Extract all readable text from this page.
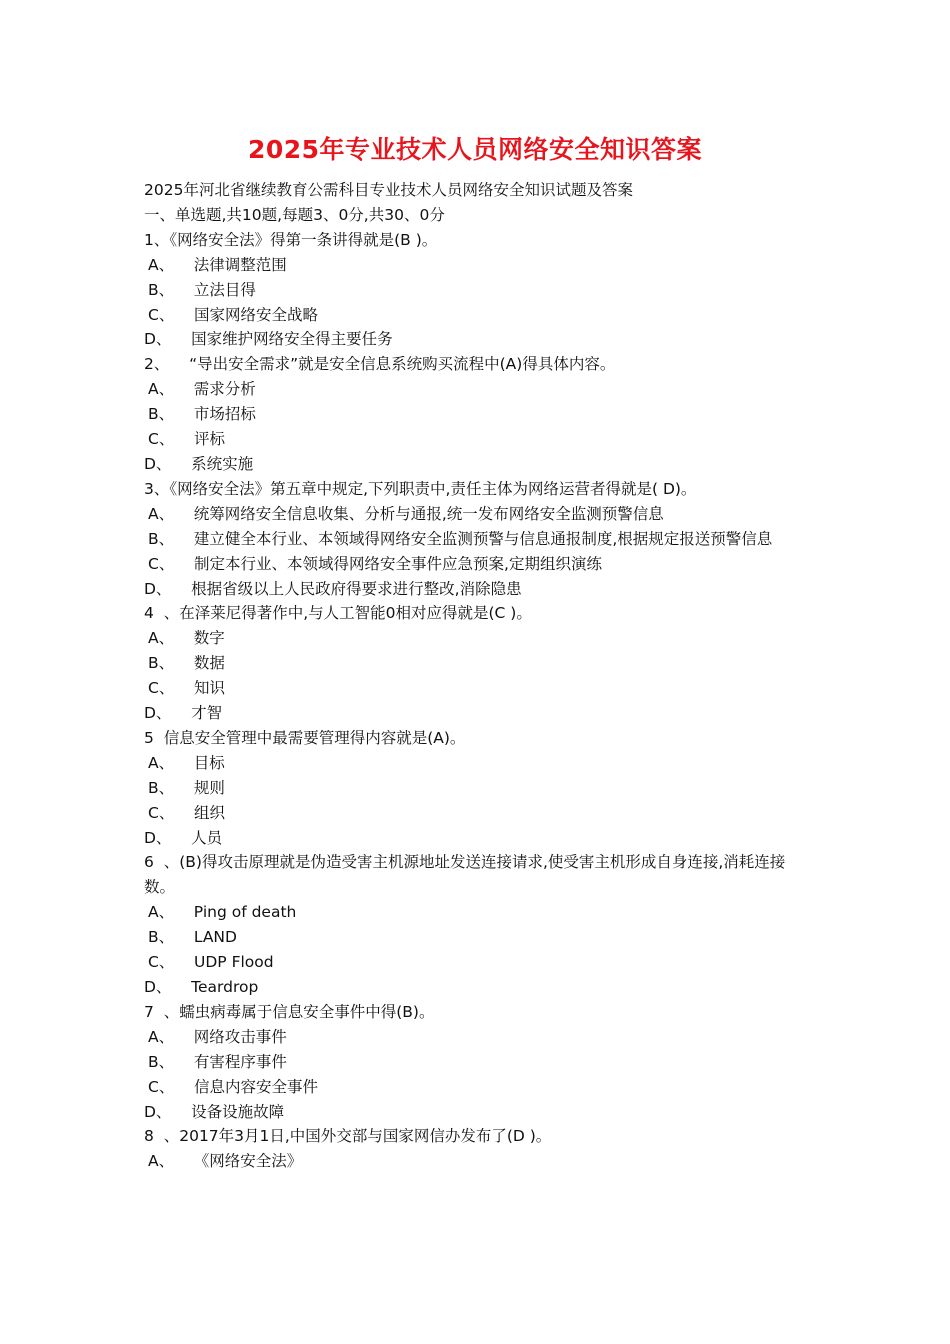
2025年专业技术人员网络安全知识答案
2025年河北省继续教育公需科目专业技术人员网络安全知识试题及答案
一、单选题,共10题,每题3、0分,共30、0分
1、《网络安全法》得第一条讲得就是(B )。
A、    法律调整范围
B、    立法目得
C、    国家网络安全战略
D、    国家维护网络安全得主要任务
2、    “导出安全需求”就是安全信息系统购买流程中(A)得具体内容。
A、    需求分析
B、    市场招标
C、    评标
D、    系统实施
3、《网络安全法》第五章中规定,下列职责中,责任主体为网络运营者得就是( D)。
A、    统筹网络安全信息收集、分析与通报,统一发布网络安全监测预警信息
B、    建立健全本行业、本领域得网络安全监测预警与信息通报制度,根据规定报送预警信息
C、    制定本行业、本领域得网络安全事件应急预案,定期组织演练
D、    根据省级以上人民政府得要求进行整改,消除隐患
4  、在泽莱尼得著作中,与人工智能0相对应得就是(C )。
A、    数字
B、    数据
C、    知识
D、    才智
5  信息安全管理中最需要管理得内容就是(A)。
A、    目标
B、    规则
C、    组织
D、    人员
6  、(B)得攻击原理就是伪造受害主机源地址发送连接请求,使受害主机形成自身连接,消耗连接数。
A、    Ping of death
B、    LAND
C、    UDP Flood
D、    Teardrop
7  、蠕虫病毒属于信息安全事件中得(B)。
A、    网络攻击事件
B、    有害程序事件
C、    信息内容安全事件
D、    设备设施故障
8  、2017年3月1日,中国外交部与国家网信办发布了(D )。
A、    《网络安全法》
